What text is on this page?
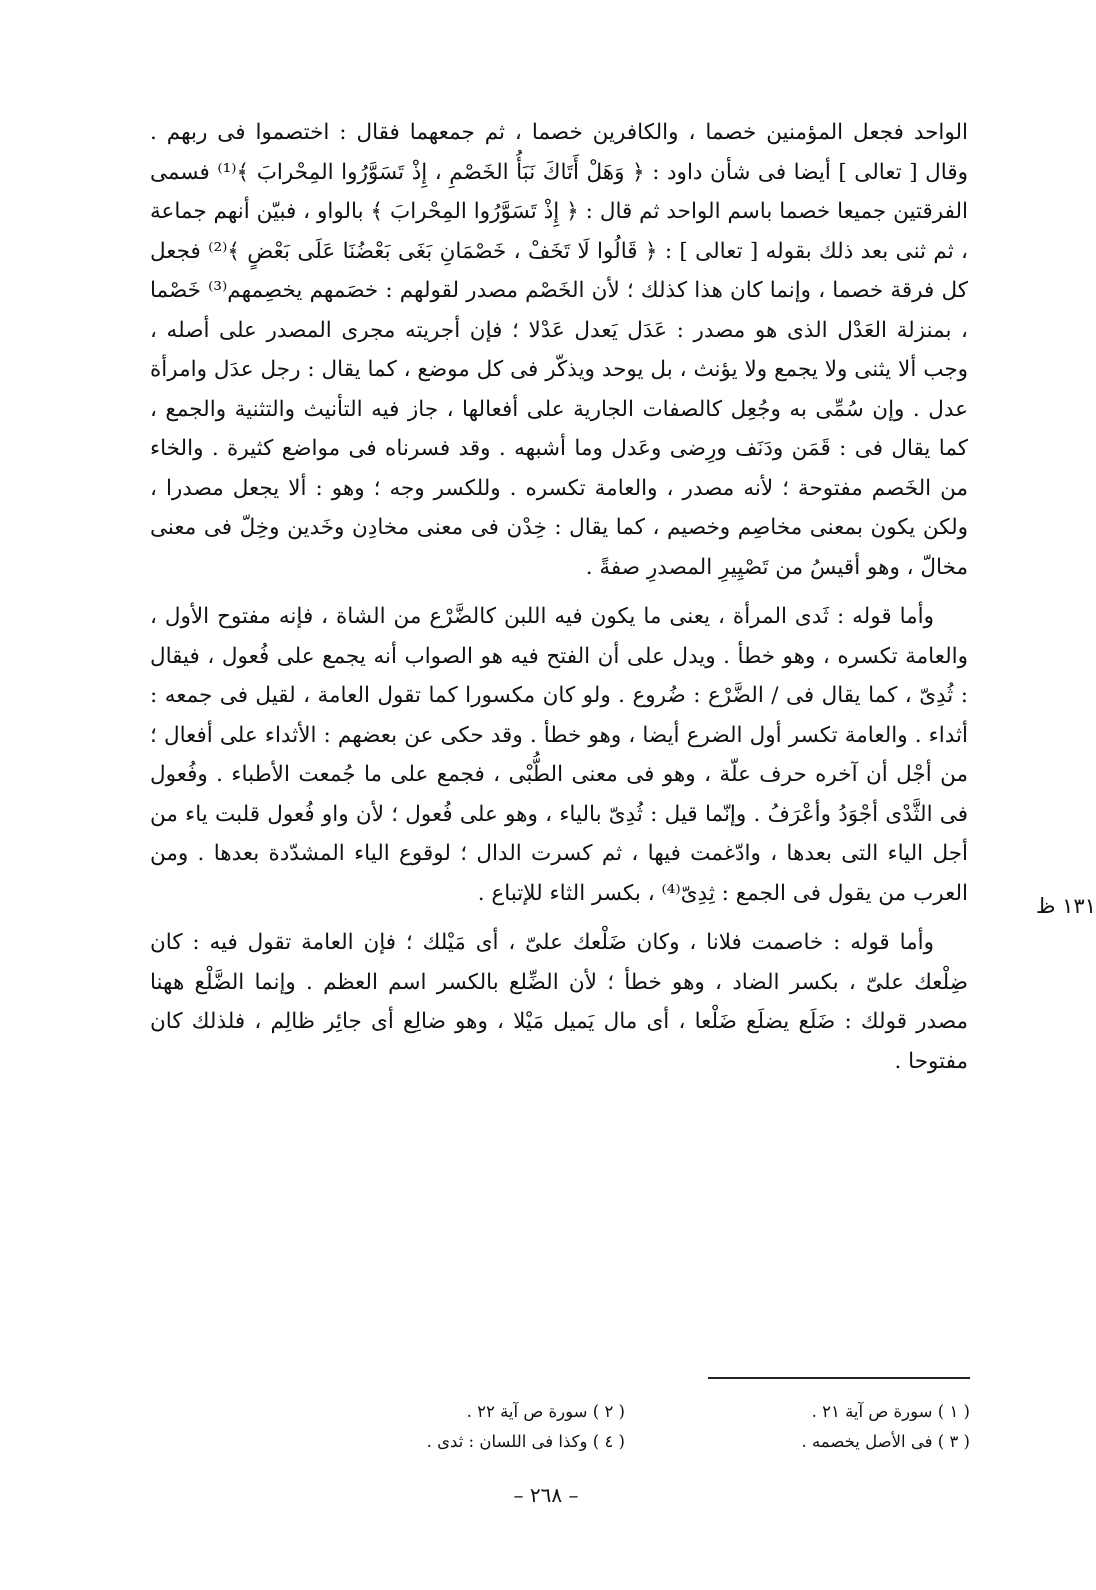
الواحد فجعل المؤمنين خصما ، والكافرين خصما ، ثم جمعهما فقال : اختصموا فى ربهم . وقال [ تعالى ] أيضا فى شأن داود : ﴿ وَهَلْ أَتَاكَ نَبَأُ الخَصْمِ ، إِذْ تَسَوَّرُوا المِحْرابَ ﴾⁽¹⁾ فسمى الفرقتين جميعا خصما باسم الواحد ثم قال : ﴿ إِذْ تَسَوَّرُوا المِحْرابَ ﴾ بالواو ، فبيّن أنهم جماعة ، ثم ثنى بعد ذلك بقوله [ تعالى ] : ﴿ قَالُوا لَا تَخَفْ ، خَصْمَانِ بَغَى بَعْضُنَا عَلَى بَعْضٍ ﴾⁽²⁾ فجعل كل فرقة خصما ، وإنما كان هذا كذلك ؛ لأن الخَصْم مصدر لقولهم : خصَمهم يخصِمهم⁽³⁾ خَصْما ، بمنزلة العَدْل الذى هو مصدر : عَدَل يَعدل عَدْلا ؛ فإن أجريته مجرى المصدر على أصله ، وجب ألا يثنى ولا يجمع ولا يؤنث ، بل يوحد ويذكّر فى كل موضع ، كما يقال : رجل عدَل وامرأة عدل . وإن سُمِّى به وجُعِل كالصفات الجارية على أفعالها ، جاز فيه التأنيث والتثنية والجمع ، كما يقال فى : قَمَن ودَنَف ورِضى وعَدل وما أشبهه . وقد فسرناه فى مواضع كثيرة . والخاء من الخَصم مفتوحة ؛ لأنه مصدر ، والعامة تكسره . وللكسر وجه ؛ وهو : ألا يجعل مصدرا ، ولكن يكون بمعنى مخاصِم وخصيم ، كما يقال : خِدْن فى معنى مخادِن وخَدين وخِلّ فى معنى مخالّ ، وهو أقيسُ من تَصْيِيرِ المصدرِ صفةً .

وأما قوله : ثَدى المرأة ، يعنى ما يكون فيه اللبن كالضَّرْع من الشاة ، فإنه مفتوح الأول ، والعامة تكسره ، وهو خطأ . ويدل على أن الفتح فيه هو الصواب أنه يجمع على فُعول ، فيقال : ثُدِىّ ، كما يقال فى / الضَّرْع : ضُروع . ولو كان مكسورا كما تقول العامة ، لقيل فى جمعه : أثداء . والعامة تكسر أول الضرع أيضا ، وهو خطأ . وقد حكى عن بعضهم : الأثداء على أفعال ؛ من أجْل أن آخره حرف علّة ، وهو فى معنى الطُّبْى ، فجمع على ما جُمعت الأطباء . وفُعول فى الثَّدْى أجْوَدُ وأعْرَفُ . وإنّما قيل : ثُدِىّ بالياء ، وهو على فُعول ؛ لأن واو فُعول قلبت ياء من أجل الياء التى بعدها ، وادّغمت فيها ، ثم كسرت الدال ؛ لوقوع الياء المشدّدة بعدها . ومن العرب من يقول فى الجمع : ثِدِىّ⁽⁴⁾ ، بكسر الثاء للإتباع .

وأما قوله : خاصمت فلانا ، وكان ضَلْعك علىّ ، أى مَيْلك ؛ فإن العامة تقول فيه : كان ضِلْعك علىّ ، بكسر الضاد ، وهو خطأ ؛ لأن الضِّلع بالكسر اسم العظم . وإنما الضَّلْع ههنا مصدر قولك : ضَلَع يضلَع ضَلْعا ، أى مال يَميل مَيْلا ، وهو ضالِع أى جائِر ظالِم ، فلذلك كان مفتوحا .

١٣١ ظ
( ١ ) سورة ص آية ٢١ .
( ٢ ) سورة ص آية ٢٢ .
( ٣ ) فى الأصل يخصمه .
( ٤ ) وكذا فى اللسان : ثدى .
– ٢٦٨ –
